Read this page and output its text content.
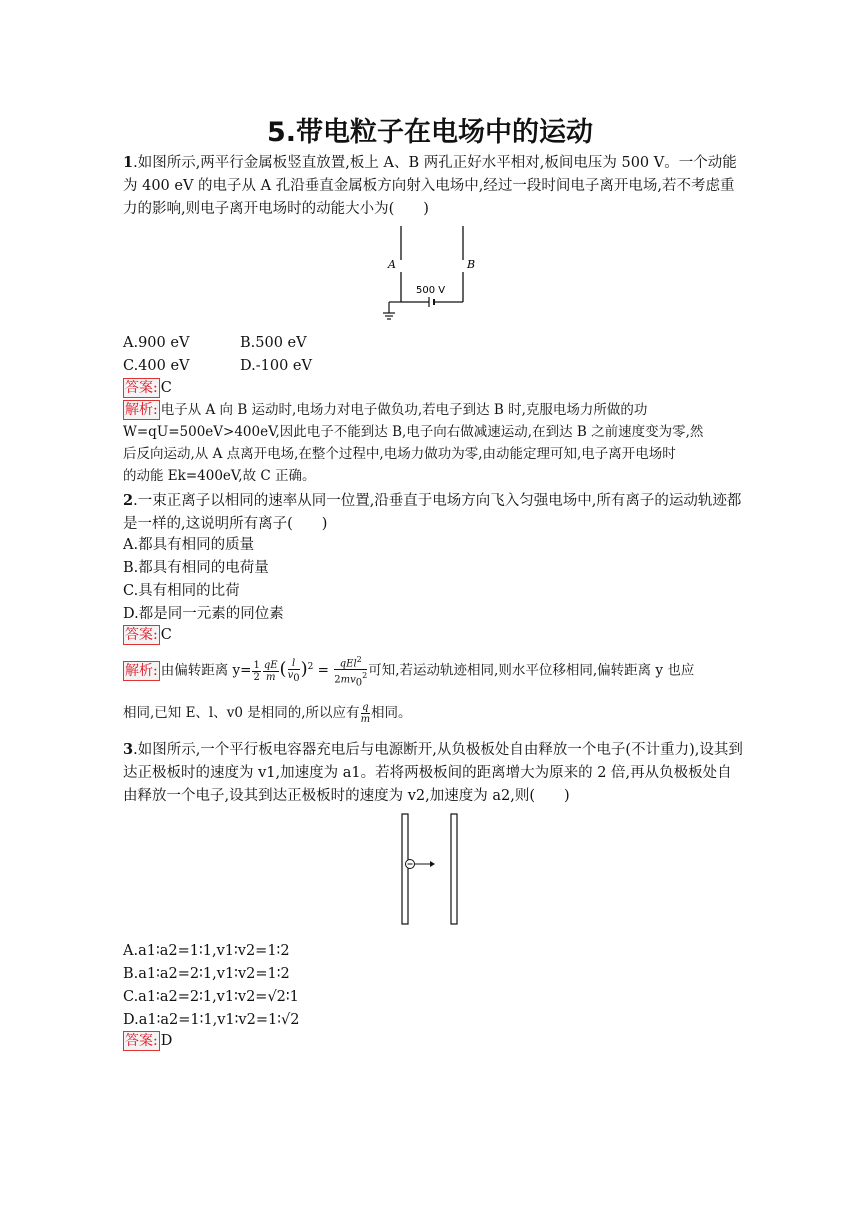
5.带电粒子在电场中的运动
1.如图所示,两平行金属板竖直放置,板上 A、B 两孔正好水平相对,板间电压为 500 V。一个动能为 400 eV 的电子从 A 孔沿垂直金属板方向射入电场中,经过一段时间电子离开电场,若不考虑重力的影响,则电子离开电场时的动能大小为(　　)
A	B
500 V
A.900 eV	B.500 eV
C.400 eV	D.-100 eV
答案: C
解析: 电子从 A 向 B 运动时,电场力对电子做负功,若电子到达 B 时,克服电场力所做的功
W=qU=500eV>400eV,因此电子不能到达 B,电子向右做减速运动,在到达 B 之前速度变为零,然
后反向运动,从 A 点离开电场,在整个过程中,电场力做功为零,由动能定理可知,电子离开电场时
的动能 Ek=400eV,故 C 正确。
2.一束正离子以相同的速率从同一位置,沿垂直于电场方向飞入匀强电场中,所有离子的运动轨迹都是一样的,这说明所有离子(　　)
A.都具有相同的质量
B.都具有相同的电荷量
C.具有相同的比荷
D.都是同一元素的同位素
答案: C
解析: 由偏转距离 $y= \frac{1}{2} \frac{qE}{m}$ ( $\frac{l}{v_0} )^2 = \frac{qEl^2}{2mv_0^2}$ 可知,若运动轨迹相同,则水平位移相同,偏转距离 y 也应
相同,已知 E、l、v0 是相同的,所以应有 $\frac{q}{m}$ 相同。
3.如图所示,一个平行板电容器充电后与电源断开,从负极板处自由释放一个电子(不计重力),设其到达正极板时的速度为 v1,加速度为 a1。若将两极板间的距离增大为原来的 2 倍,再从负极板处自由释放一个电子,设其到达正极板时的速度为 v2,加速度为 a2,则(　　)
A.a1∶a2=1∶1,v1∶v2=1∶2
B.a1∶a2=2∶1,v1∶v2=1∶2
C.a1∶a2=2∶1,v1∶v2=√2∶1
D.a1∶a2=1∶1,v1∶v2=1∶√2
答案: D
